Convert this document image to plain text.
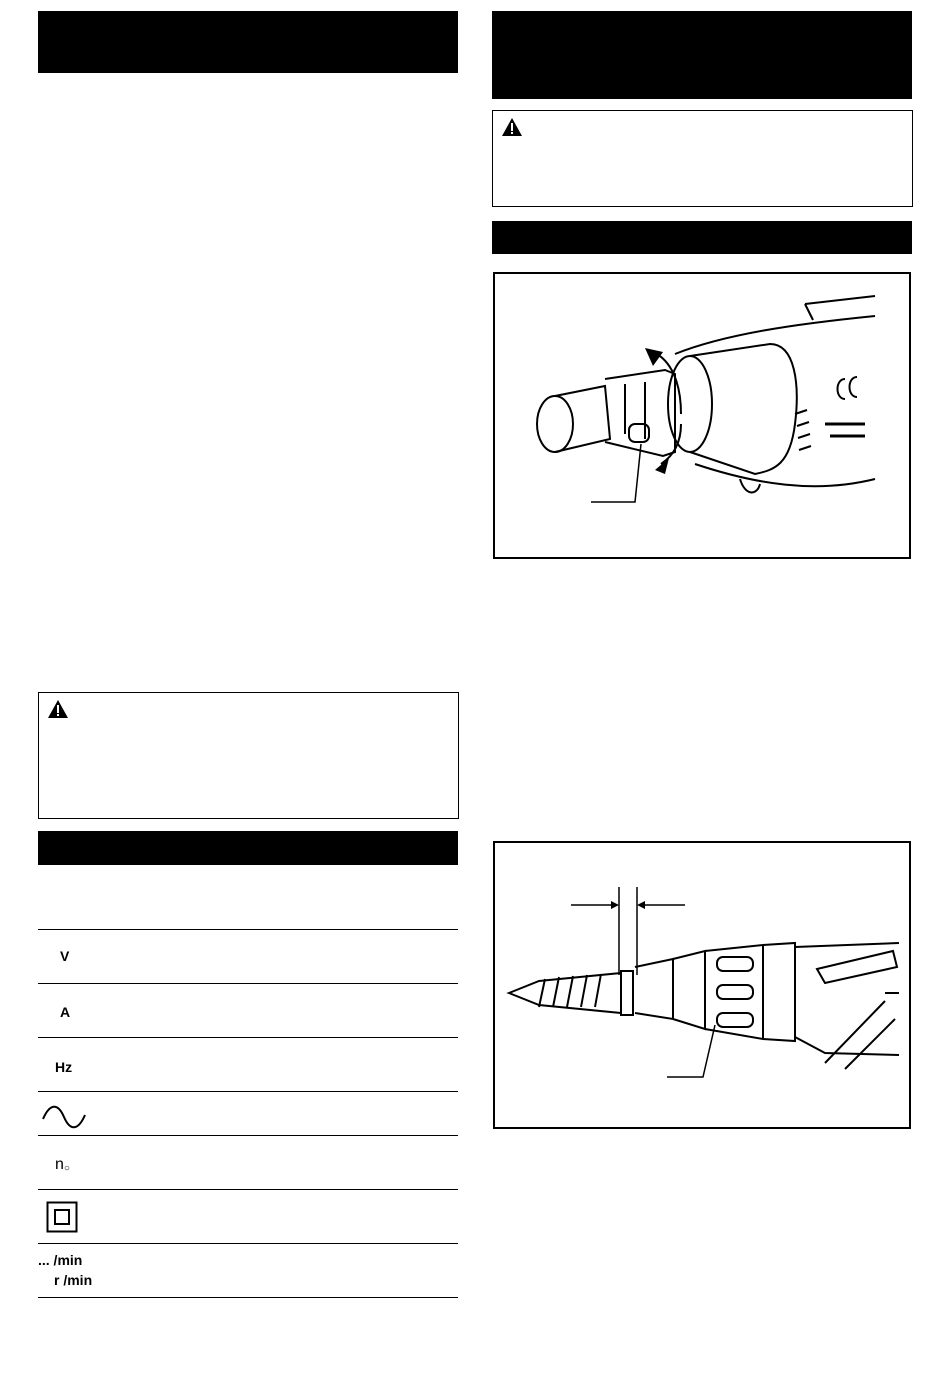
V
A
Hz
n○
... /min
r /min
